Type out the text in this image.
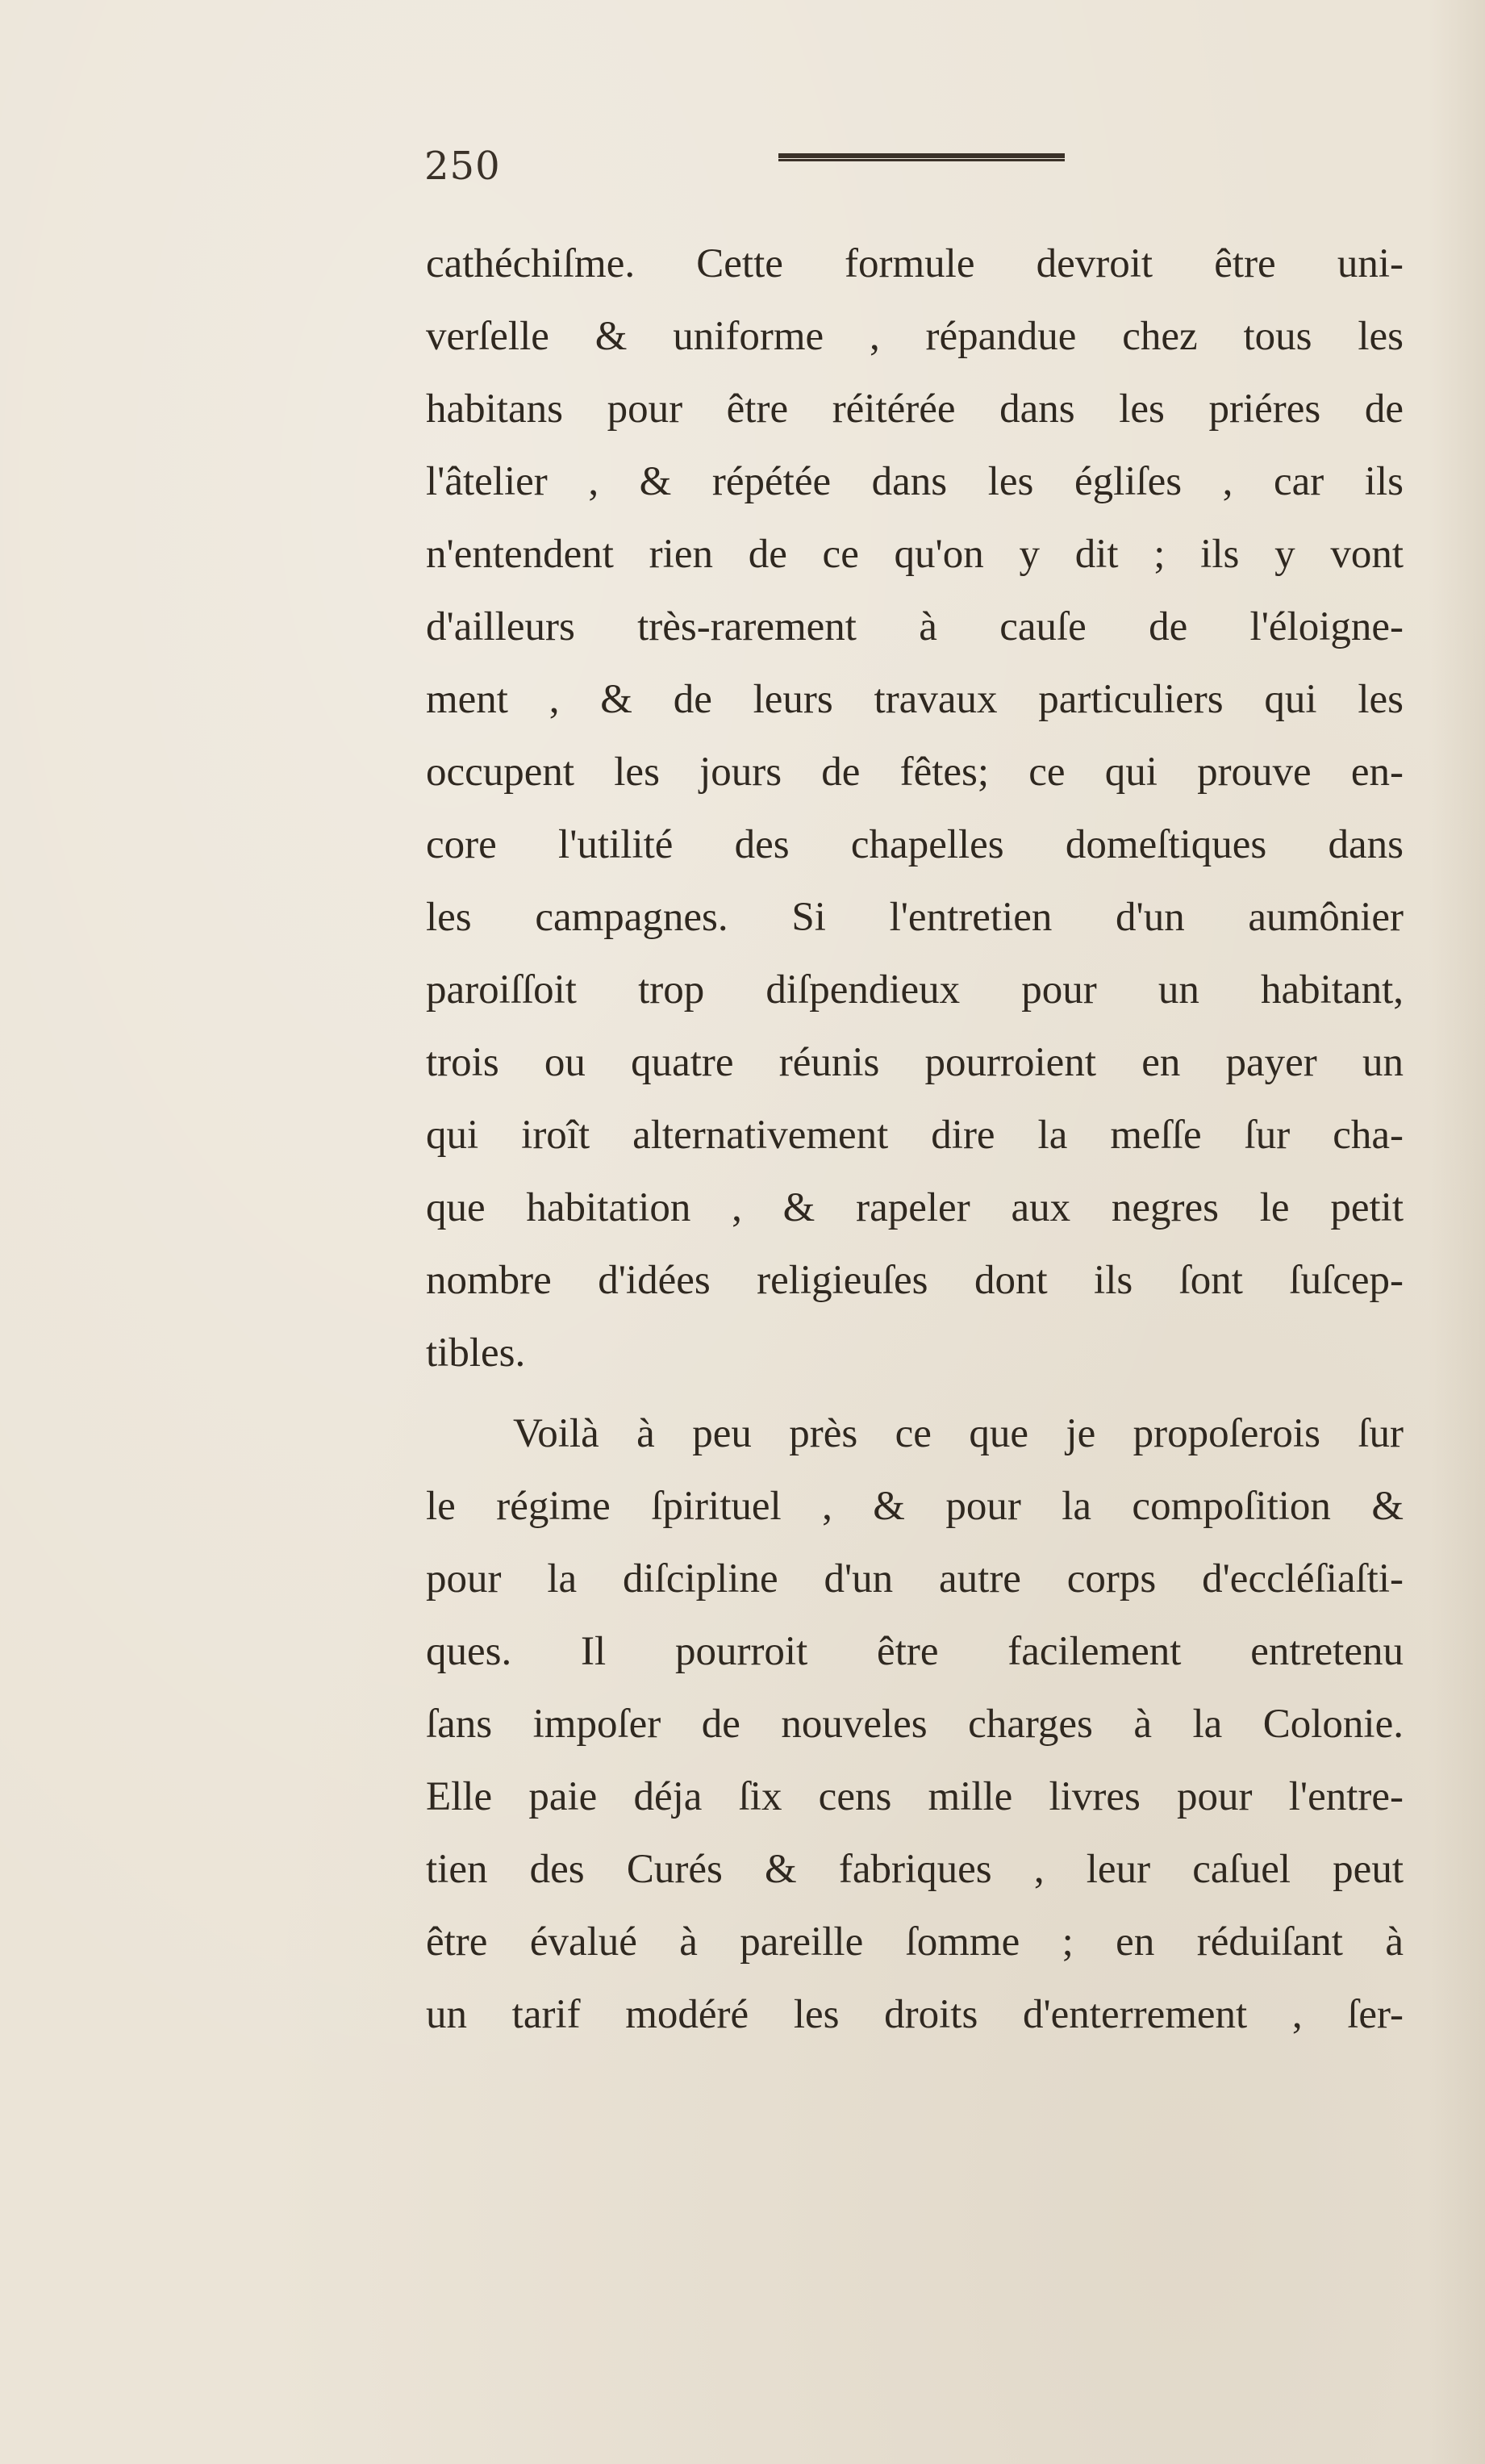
250
cathéchiſme. Cette formule devroit être uni-
verſelle & uniforme , répandue chez tous les
habitans pour être réitérée dans les priéres de
l'âtelier , & répétée dans les égliſes , car ils
n'entendent rien de ce qu'on y dit ; ils y vont
d'ailleurs très-rarement à cauſe de l'éloigne-
ment , & de leurs travaux particuliers qui les
occupent les jours de fêtes; ce qui prouve en-
core l'utilité des chapelles domeſtiques dans
les campagnes. Si l'entretien d'un aumônier
paroiſſoit trop diſpendieux pour un habitant,
trois ou quatre réunis pourroient en payer un
qui iroît alternativement dire la meſſe ſur cha-
que habitation , & rapeler aux negres le petit
nombre d'idées religieuſes dont ils ſont ſuſcep-
tibles.
Voilà à peu près ce que je propoſerois ſur
le régime ſpirituel , & pour la compoſition &
pour la diſcipline d'un autre corps d'eccléſiaſti-
ques. Il pourroit être facilement entretenu
ſans impoſer de nouveles charges à la Colonie.
Elle paie déja ſix cens mille livres pour l'entre-
tien des Curés & fabriques , leur caſuel peut
être évalué à pareille ſomme ; en réduiſant à
un tarif modéré les droits d'enterrement , ſer-
